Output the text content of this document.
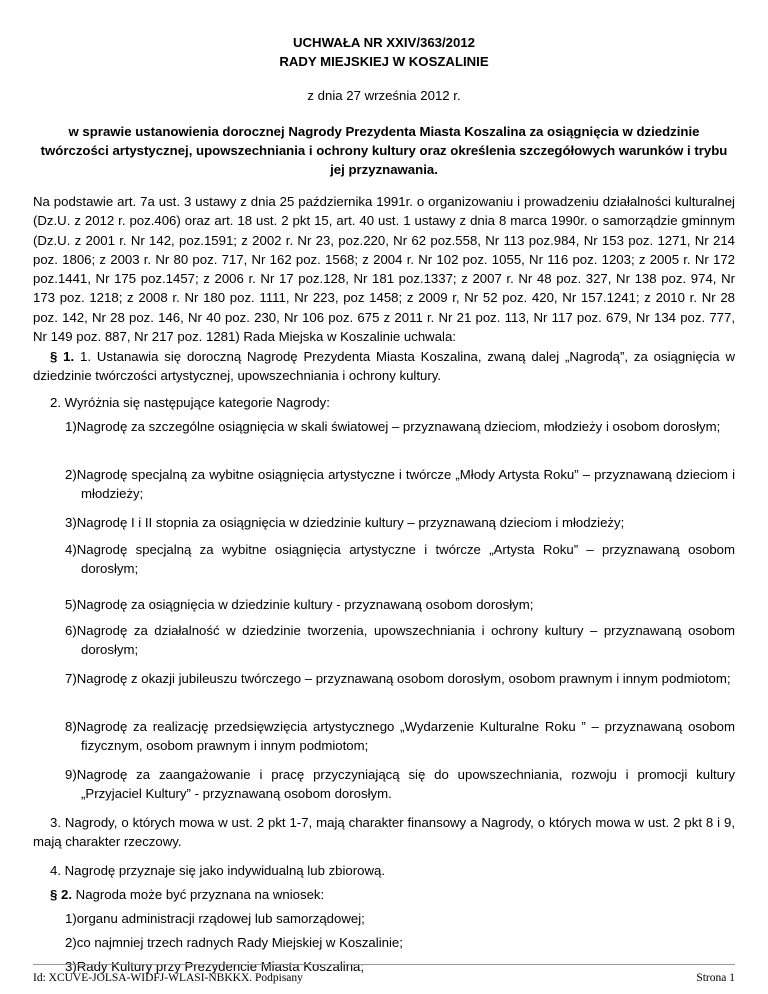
UCHWAŁA NR XXIV/363/2012
RADY MIEJSKIEJ W KOSZALINIE
z dnia 27 września 2012 r.
w sprawie ustanowienia dorocznej Nagrody Prezydenta Miasta Koszalina za osiągnięcia w dziedzinie twórczości artystycznej, upowszechniania i ochrony kultury oraz określenia szczegółowych warunków i trybu jej przyznawania.
Na podstawie art. 7a ust. 3 ustawy z dnia 25 października 1991r. o organizowaniu i prowadzeniu działalności kulturalnej (Dz.U. z 2012 r. poz.406) oraz art. 18 ust. 2 pkt 15, art. 40 ust. 1 ustawy z dnia 8 marca 1990r. o samorządzie gminnym (Dz.U. z 2001 r. Nr 142, poz.1591; z 2002 r. Nr 23, poz.220, Nr 62 poz.558, Nr 113 poz.984, Nr 153 poz. 1271, Nr 214 poz. 1806; z 2003 r. Nr 80 poz. 717, Nr 162 poz. 1568; z 2004 r. Nr 102 poz. 1055, Nr 116 poz. 1203; z 2005 r. Nr 172 poz.1441, Nr 175 poz.1457; z 2006 r. Nr 17 poz.128, Nr 181 poz.1337; z 2007 r. Nr 48 poz. 327, Nr 138 poz. 974, Nr 173 poz. 1218; z 2008 r. Nr 180 poz. 1111, Nr 223, poz 1458; z 2009 r, Nr 52 poz. 420, Nr 157.1241; z 2010 r. Nr 28 poz. 142, Nr 28 poz. 146, Nr 40 poz. 230, Nr 106 poz. 675 z 2011 r. Nr 21 poz. 113, Nr 117 poz. 679, Nr 134 poz. 777, Nr 149 poz. 887, Nr 217 poz. 1281) Rada Miejska w Koszalinie uchwala:
§ 1. 1. Ustanawia się doroczną Nagrodę Prezydenta Miasta Koszalina, zwaną dalej „Nagrodą”, za osiągnięcia w dziedzinie twórczości artystycznej, upowszechniania i ochrony kultury.
2. Wyróżnia się następujące kategorie Nagrody:
1)Nagrodę za szczególne osiągnięcia w skali światowej – przyznawaną dzieciom, młodzieży i osobom dorosłym;
2)Nagrodę specjalną za wybitne osiągnięcia artystyczne i twórcze „Młody Artysta Roku” – przyznawaną dzieciom i młodzieży;
3)Nagrodę I i II stopnia za osiągnięcia w dziedzinie kultury – przyznawaną dzieciom i młodzieży;
4)Nagrodę specjalną za wybitne osiągnięcia artystyczne i twórcze „Artysta Roku” – przyznawaną osobom dorosłym;
5)Nagrodę za osiągnięcia w dziedzinie kultury - przyznawaną osobom dorosłym;
6)Nagrodę za działalność w dziedzinie tworzenia, upowszechniania i ochrony kultury – przyznawaną osobom dorosłym;
7)Nagrodę z okazji jubileuszu twórczego – przyznawaną osobom dorosłym, osobom prawnym i innym podmiotom;
8)Nagrodę za realizację przedsięwzięcia artystycznego „Wydarzenie Kulturalne Roku ” – przyznawaną osobom fizycznym, osobom prawnym i innym podmiotom;
9)Nagrodę za zaangażowanie i pracę przyczyniającą się do upowszechniania, rozwoju i promocji kultury „Przyjaciel Kultury” - przyznawaną osobom dorosłym.
3. Nagrody, o których mowa w ust. 2 pkt 1-7, mają charakter finansowy a Nagrody, o których mowa w ust. 2 pkt 8 i 9, mają charakter rzeczowy.
4. Nagrodę przyznaje się jako indywidualną lub zbiorową.
§ 2. Nagroda może być przyznana na wniosek:
1)organu administracji rządowej lub samorządowej;
2)co najmniej trzech radnych Rady Miejskiej w Koszalinie;
3)Rady Kultury przy Prezydencie Miasta Koszalina;
Id: XCUVE-JOLSA-WIDFJ-WLASI-NBKKX. Podpisany	Strona 1
